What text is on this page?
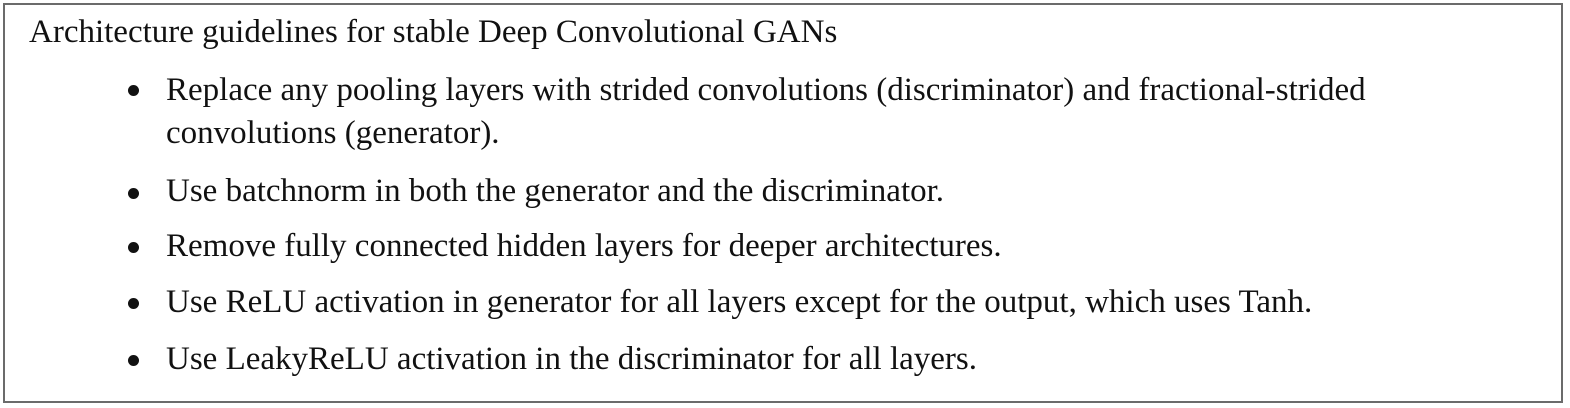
Architecture guidelines for stable Deep Convolutional GANs
Replace any pooling layers with strided convolutions (discriminator) and fractional-strided
convolutions (generator).
Use batchnorm in both the generator and the discriminator.
Remove fully connected hidden layers for deeper architectures.
Use ReLU activation in generator for all layers except for the output, which uses Tanh.
Use LeakyReLU activation in the discriminator for all layers.
